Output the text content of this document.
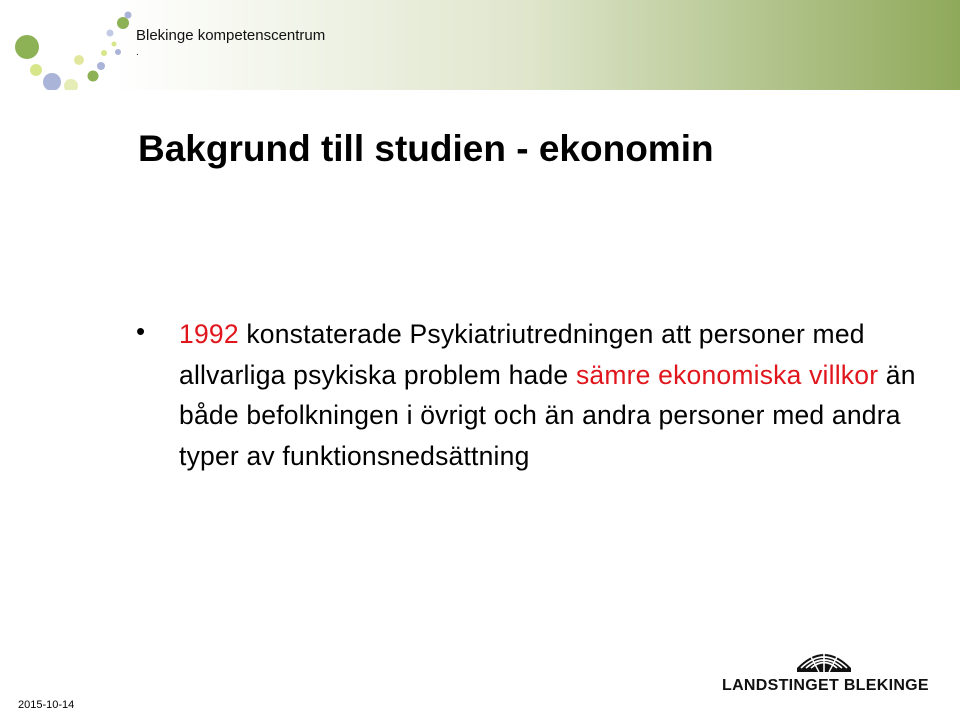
Blekinge kompetenscentrum
.
Bakgrund till studien - ekonomin
• 1992 konstaterade Psykiatriutredningen att personer med allvarliga psykiska problem hade sämre ekonomiska villkor än både befolkningen i övrigt och än andra personer med andra typer av funktionsnedsättning

2015-10-14
LANDSTINGET BLEKINGE
